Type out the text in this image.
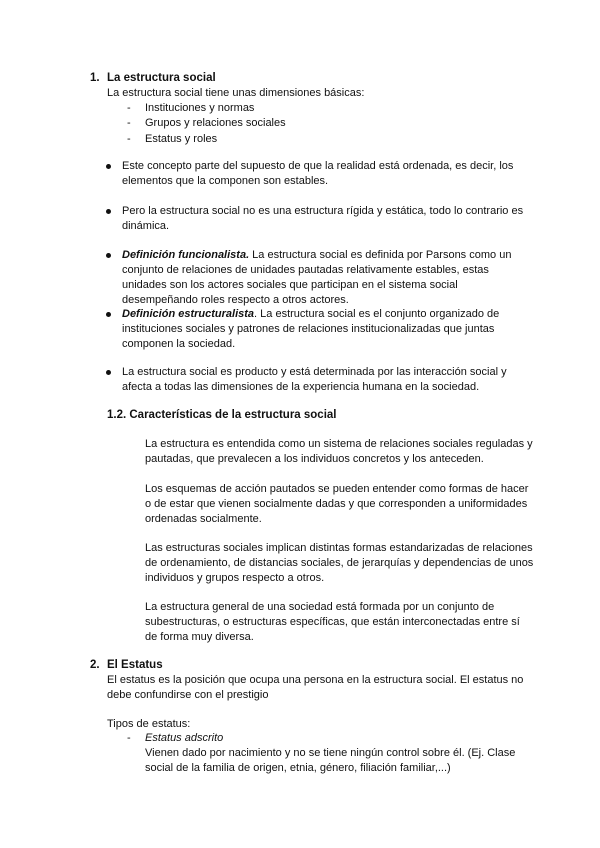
1. La estructura social
La estructura social tiene unas dimensiones básicas:
- Instituciones y normas
- Grupos y relaciones sociales
- Estatus y roles
Este concepto parte del supuesto de que la realidad está ordenada, es decir, los elementos que la componen son estables.
Pero la estructura social no es una estructura rígida y estática, todo lo contrario es dinámica.
Definición funcionalista. La estructura social es definida por Parsons como un conjunto de relaciones de unidades pautadas relativamente estables, estas unidades son los actores sociales que participan en el sistema social desempeñando roles respecto a otros actores.
Definición estructuralista. La estructura social es el conjunto organizado de instituciones sociales y patrones de relaciones institucionalizadas que juntas componen la sociedad.
La estructura social es producto y está determinada por las interacción social y afecta a todas las dimensiones de la experiencia humana en la sociedad.
1.2. Características de la estructura social
La estructura es entendida como un sistema de relaciones sociales reguladas y pautadas, que prevalecen a los individuos concretos y los anteceden.
Los esquemas de acción pautados se pueden entender como formas de hacer o de estar que vienen socialmente dadas y que corresponden a uniformidades ordenadas socialmente.
Las estructuras sociales implican distintas formas estandarizadas de relaciones de ordenamiento, de distancias sociales, de jerarquías y dependencias de unos individuos y grupos respecto a otros.
La estructura general de una sociedad está formada por un conjunto de subestructuras, o estructuras específicas, que están interconectadas entre sí de forma muy diversa.
2. El Estatus
El estatus es la posición que ocupa una persona en la estructura social. El estatus no debe confundirse con el prestigio
Tipos de estatus:
- Estatus adscrito
Vienen dado por nacimiento y no se tiene ningún control sobre él. (Ej. Clase social de la familia de origen, etnia, género, filiación familiar,...)
